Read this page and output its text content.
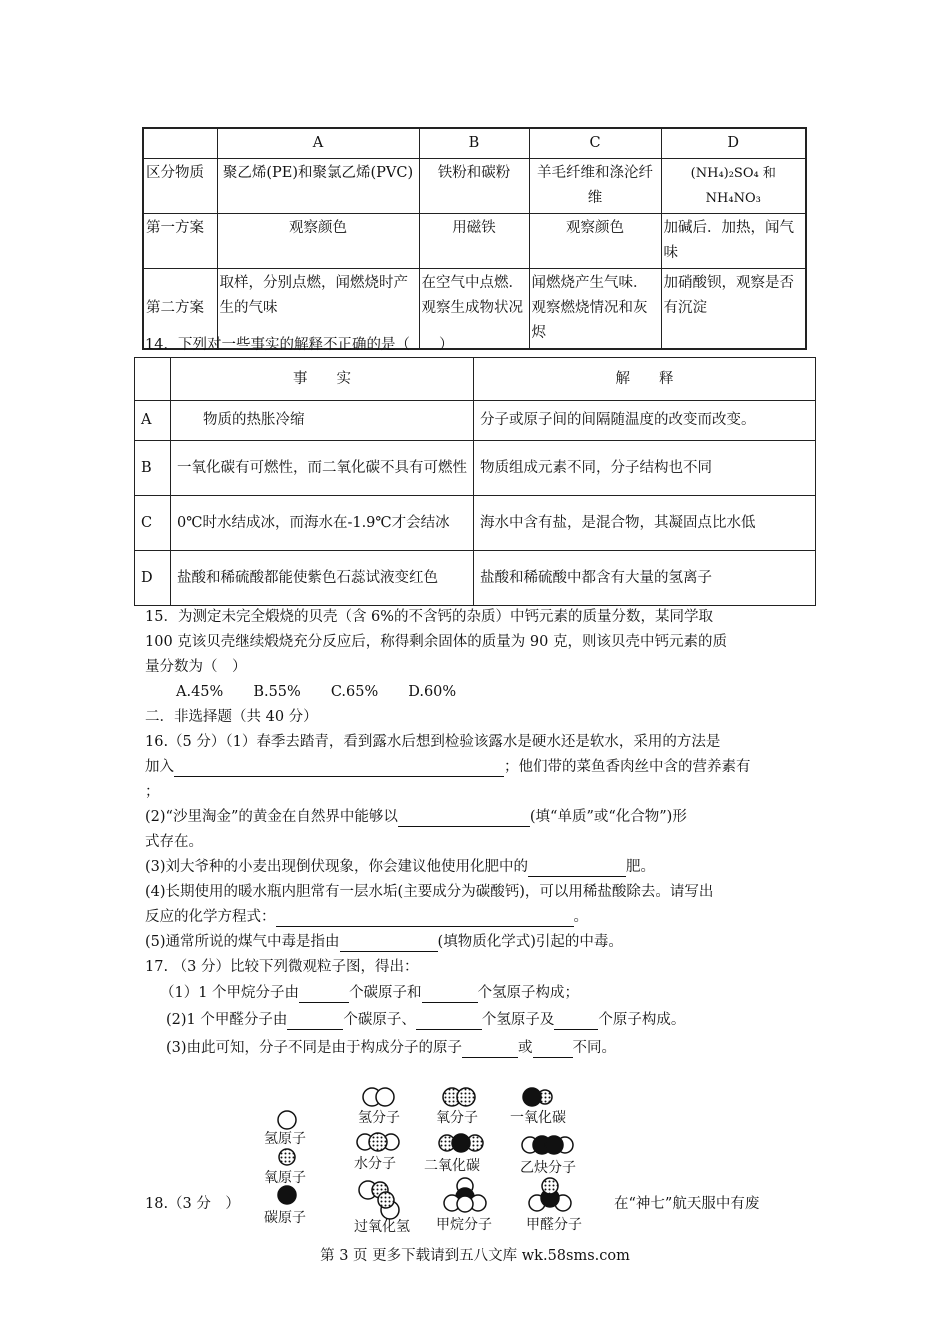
	A	B	C	D
区分物质	聚乙烯(PE)和聚氯乙烯(PVC)	铁粉和碳粉	羊毛纤维和涤沦纤维	(NH₄)₂SO₄ 和 NH₄NO₃
第一方案	观察颜色	用磁铁	观察颜色	加碱后．加热，闻气味
第二方案	取样，分别点燃，闻燃烧时产生的气味	在空气中点燃．观察生成物状况	闻燃烧产生气味．观察燃烧情况和灰烬	加硝酸钡，观察是否有沉淀
14．下列对一些事实的解释不正确的是（　　）
	事　　实	解　　释
A	物质的热胀冷缩	分子或原子间的间隔随温度的改变而改变。
B	一氧化碳有可燃性，而二氧化碳不具有可燃性	物质组成元素不同，分子结构也不同
C	0℃时水结成冰，而海水在-1.9℃才会结冰	海水中含有盐，是混合物，其凝固点比水低
D	盐酸和稀硫酸都能使紫色石蕊试液变红色	盐酸和稀硫酸中都含有大量的氢离子
15．为测定未完全煅烧的贝壳（含 6%的不含钙的杂质）中钙元素的质量分数，某同学取
100 克该贝壳继续煅烧充分反应后，称得剩余固体的质量为 90 克，则该贝壳中钙元素的质
量分数为（　）
A.45% B.55% C.65% D.60%
二．非选择题（共 40 分）
16.（5 分）（1）春季去踏青，看到露水后想到检验该露水是硬水还是软水，采用的方法是
加入	；他们带的菜鱼香肉丝中含的营养素有
；
(2)“沙里淘金”的黄金在自然界中能够以	(填“单质”或“化合物”)形
式存在。
(3)刘大爷种的小麦出现倒伏现象，你会建议他使用化肥中的	肥。
(4)长期使用的暖水瓶内胆常有一层水垢(主要成分为碳酸钙)，可以用稀盐酸除去。请写出
反应的化学方程式：	。
(5)通常所说的煤气中毒是指由	(填物质化学式)引起的中毒。
17. （3 分）比较下列微观粒子图，得出：
（1）1 个甲烷分子由	个碳原子和	个氢原子构成；
(2)1 个甲醛分子由	个碳原子、	个氢原子及	个原子构成。
(3)由此可知，分子不同是由于构成分子的原子	或	不同。
氢原子
氧原子
碳原子
氢分子	氧分子 一氧化碳
水分子 二氧化碳	乙炔分子
过氧化氢 甲烷分子 甲醛分子
18.（3 分　）	在“神七”航天服中有废
第 3 页 更多下载请到五八文库 wk.58sms.com
